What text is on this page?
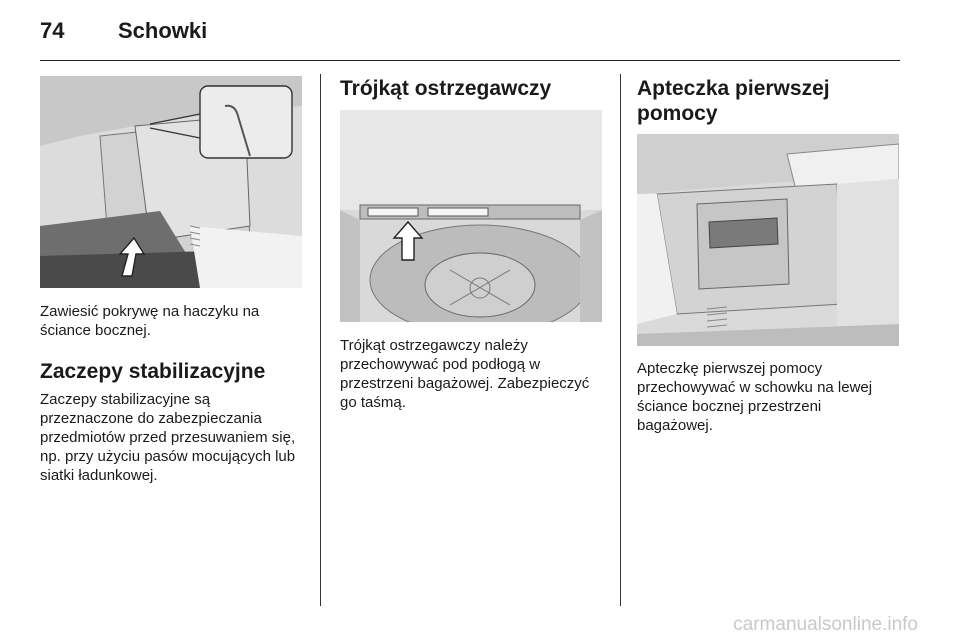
74 Schowki

Zawiesić pokrywę na haczyku na ściance bocznej.

Zaczepy stabilizacyjne

Zaczepy stabilizacyjne są przeznaczone do zabezpieczania przedmiotów przed przesuwaniem się, np. przy użyciu pasów mocujących lub siatki ładunkowej.

Trójkąt ostrzegawczy

Trójkąt ostrzegawczy należy przechowywać pod podłogą w przestrzeni bagażowej. Zabezpieczyć go taśmą.

Apteczka pierwszej pomocy

Apteczkę pierwszej pomocy przechowywać w schowku na lewej ściance bocznej przestrzeni bagażowej.

carmanualsonline.info
